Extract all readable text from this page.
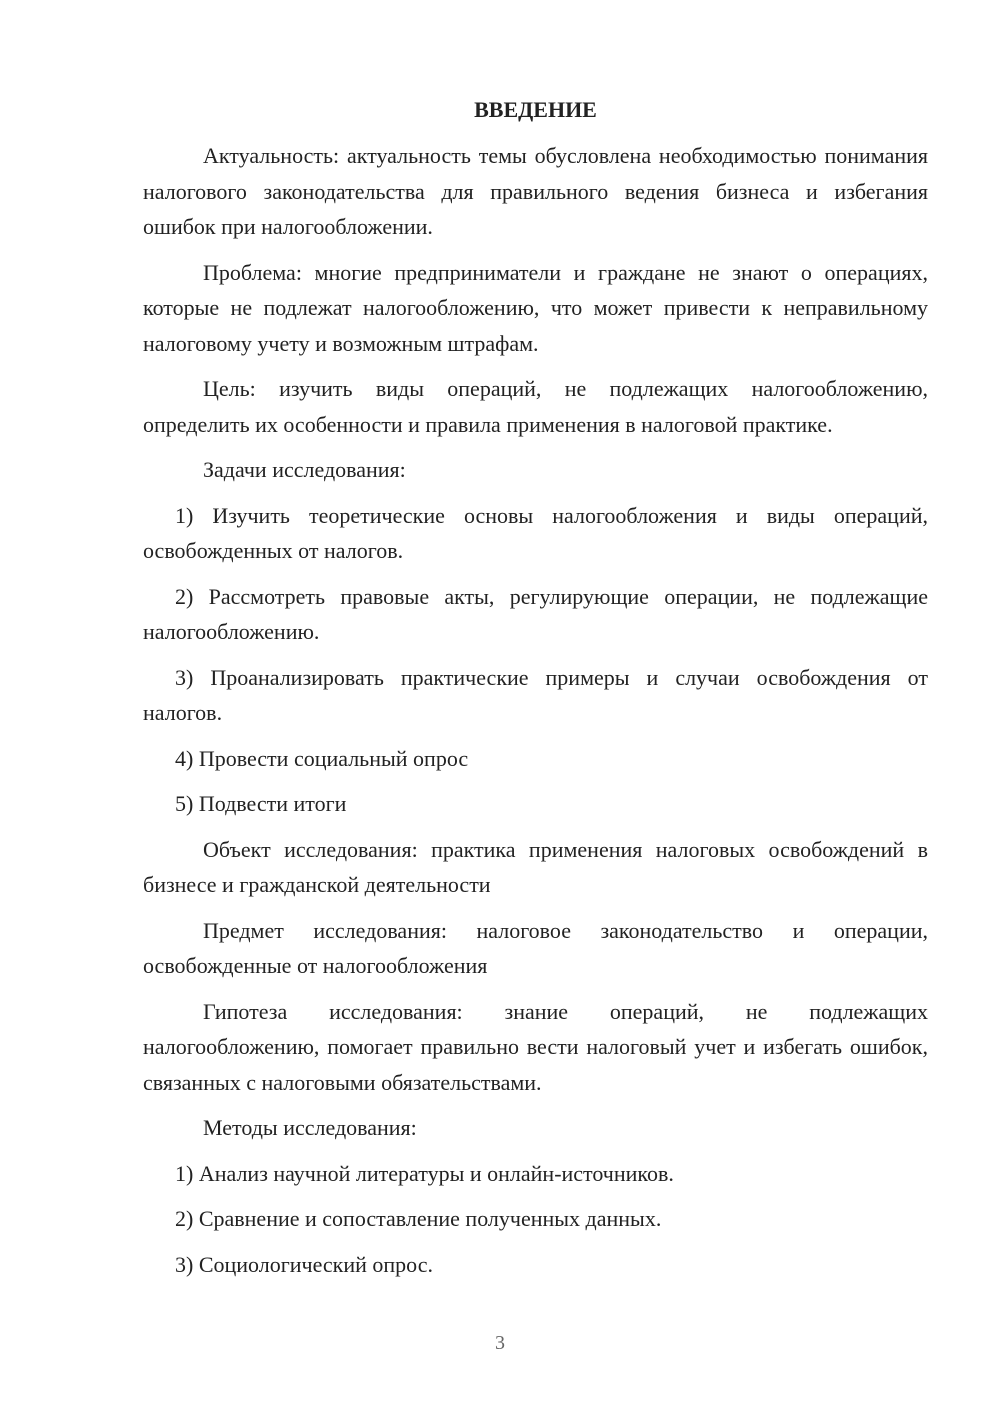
ВВЕДЕНИЕ

Актуальность: актуальность темы обусловлена необходимостью понимания налогового законодательства для правильного ведения бизнеса и избегания ошибок при налогообложении.

Проблема: многие предприниматели и граждане не знают о операциях, которые не подлежат налогообложению, что может привести к неправильному налоговому учету и возможным штрафам.

Цель: изучить виды операций, не подлежащих налогообложению, определить их особенности и правила применения в налоговой практике.

Задачи исследования:

1) Изучить теоретические основы налогообложения и виды операций, освобожденных от налогов.

2) Рассмотреть правовые акты, регулирующие операции, не подлежащие налогообложению.

3) Проанализировать практические примеры и случаи освобождения от налогов.

4) Провести социальный опрос

5) Подвести итоги

Объект исследования: практика применения налоговых освобождений в бизнесе и гражданской деятельности

Предмет исследования: налоговое законодательство и операции, освобожденные от налогообложения

Гипотеза исследования: знание операций, не подлежащих налогообложению, помогает правильно вести налоговый учет и избегать ошибок, связанных с налоговыми обязательствами.

Методы исследования:

1) Анализ научной литературы и онлайн-источников.

2) Сравнение и сопоставление полученных данных.

3) Социологический опрос.

3
